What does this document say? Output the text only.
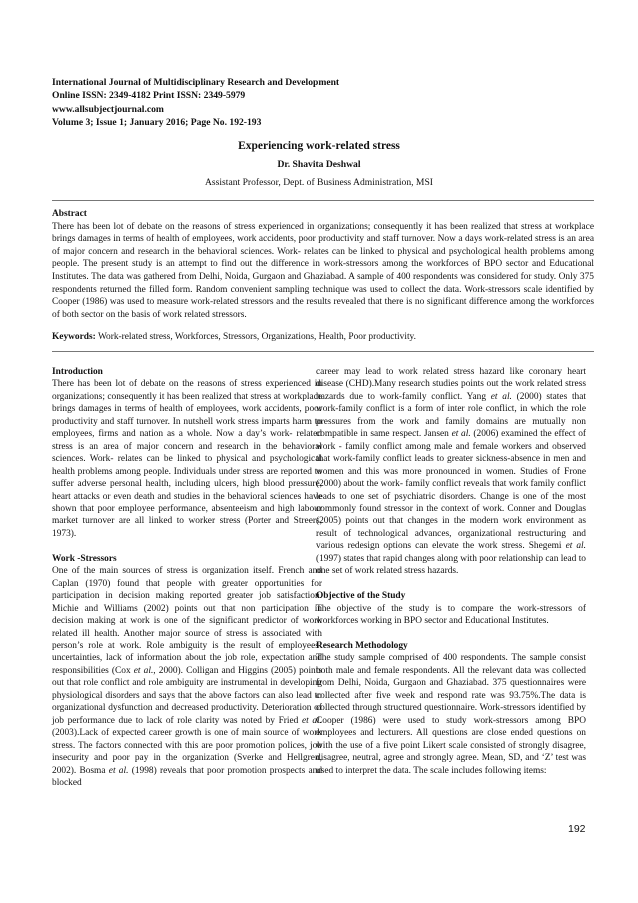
International Journal of Multidisciplinary Research and Development
Online ISSN: 2349-4182 Print ISSN: 2349-5979
www.allsubjectjournal.com
Volume 3; Issue 1; January 2016; Page No. 192-193
Experiencing work-related stress
Dr. Shavita Deshwal
Assistant Professor, Dept. of Business Administration, MSI
Abstract
There has been lot of debate on the reasons of stress experienced in organizations; consequently it has been realized that stress at workplace brings damages in terms of health of employees, work accidents, poor productivity and staff turnover. Now a days work-related stress is an area of major concern and research in the behavioral sciences. Work- relates can be linked to physical and psychological health problems among people. The present study is an attempt to find out the difference in work-stressors among the workforces of BPO sector and Educational Institutes. The data was gathered from Delhi, Noida, Gurgaon and Ghaziabad. A sample of 400 respondents was considered for study. Only 375 respondents returned the filled form. Random convenient sampling technique was used to collect the data. Work-stressors scale identified by Cooper (1986) was used to measure work-related stressors and the results revealed that there is no significant difference among the workforces of both sector on the basis of work related stressors.
Keywords: Work-related stress, Workforces, Stressors, Organizations, Health, Poor productivity.

Introduction

There has been lot of debate on the reasons of stress experienced in organizations; consequently it has been realized that stress at workplace brings damages in terms of health of employees, work accidents, poor productivity and staff turnover. In nutshell work stress imparts harm to employees, firms and nation as a whole. Now a day’s work- related stress is an area of major concern and research in the behavioral sciences. Work- relates can be linked to physical and psychological health problems among people. Individuals under stress are reported to suffer adverse personal health, including ulcers, high blood pressure, heart attacks or even death and studies in the behavioral sciences have shown that poor employee performance, absenteeism and high labour market turnover are all linked to worker stress (Porter and Streers, 1973).

Work -Stressors

One of the main sources of stress is organization itself. French and Caplan (1970) found that people with greater opportunities for participation in decision making reported greater job satisfaction. Michie and Williams (2002) points out that non participation in decision making at work is one of the significant predictor of work related ill health. Another major source of stress is associated with person’s role at work. Role ambiguity is the result of employees’ uncertainties, lack of information about the job role, expectation and responsibilities (Cox et al., 2000). Colligan and Higgins (2005) points out that role conflict and role ambiguity are instrumental in developing physiological disorders and says that the above factors can also lead to organizational dysfunction and decreased productivity. Deterioration of job performance due to lack of role clarity was noted by Fried et al. (2003).Lack of expected career growth is one of main source of work stress. The factors connected with this are poor promotion polices, job insecurity and poor pay in the organization (Sverke and Hellgren, 2002). Bosma et al. (1998) reveals that poor promotion prospects and blocked

career may lead to work related stress hazard like coronary heart disease (CHD).Many research studies points out the work related stress hazards due to work-family conflict. Yang et al. (2000) states that work-family conflict is a form of inter role conflict, in which the role pressures from the work and family domains are mutually non compatible in same respect. Jansen et al. (2006) examined the effect of work - family conflict among male and female workers and observed that work-family conflict leads to greater sickness-absence in men and women and this was more pronounced in women. Studies of Frone (2000) about the work- family conflict reveals that work family conflict leads to one set of psychiatric disorders. Change is one of the most commonly found stressor in the context of work. Conner and Douglas (2005) points out that changes in the modern work environment as result of technological advances, organizational restructuring and various redesign options can elevate the work stress. Shegemi et al. (1997) states that rapid changes along with poor relationship can lead to one set of work related stress hazards.

Objective of the Study

The objective of the study is to compare the work-stressors of workforces working in BPO sector and Educational Institutes.

Research Methodology

The study sample comprised of 400 respondents. The sample consist both male and female respondents. All the relevant data was collected from Delhi, Noida, Gurgaon and Ghaziabad. 375 questionnaires were collected after five week and respond rate was 93.75%.The data is collected through structured questionnaire. Work-stressors identified by Cooper (1986) were used to study work-stressors among BPO employees and lecturers. All questions are close ended questions on with the use of a five point Likert scale consisted of strongly disagree, disagree, neutral, agree and strongly agree. Mean, SD, and ‘Z’ test was used to interpret the data. The scale includes following items:

192
